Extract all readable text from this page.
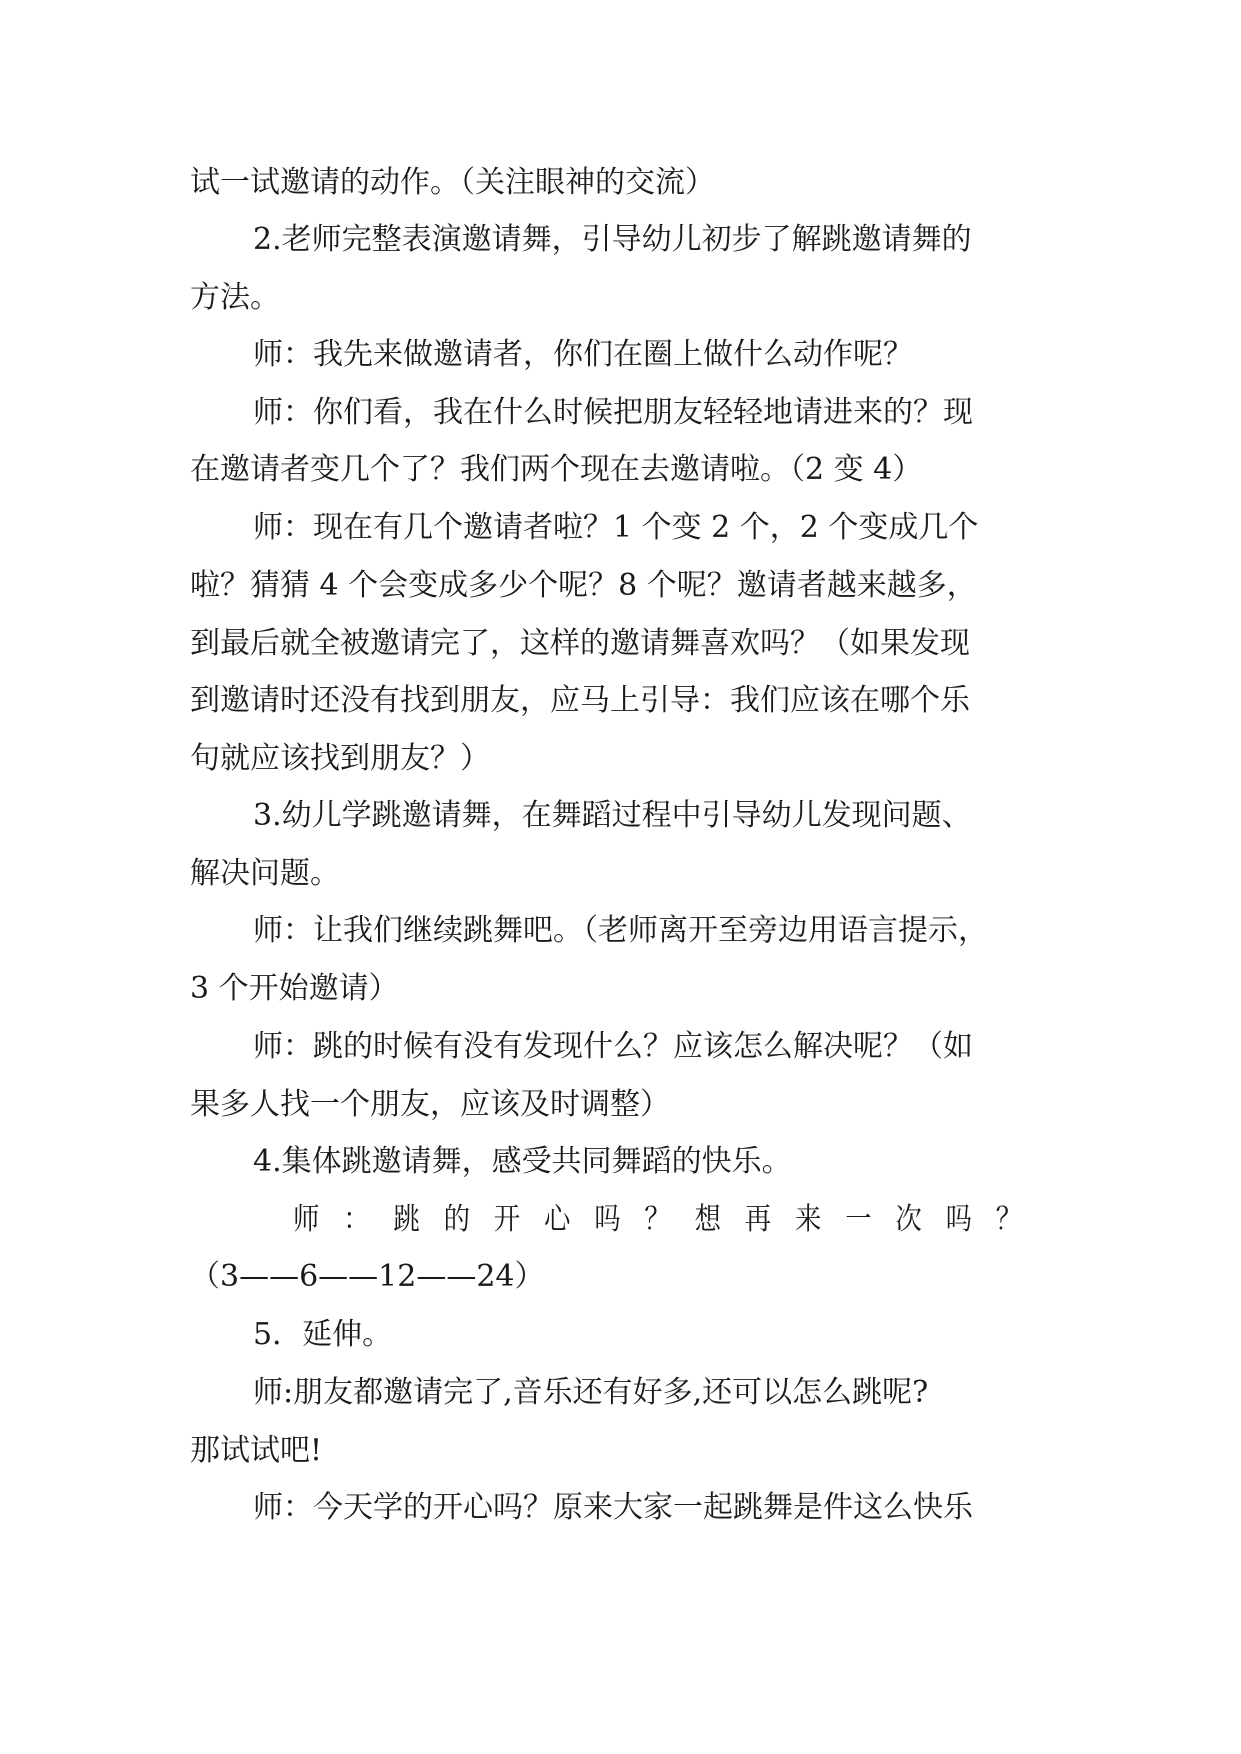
试一试邀请的动作。（关注眼神的交流）

2.老师完整表演邀请舞，引导幼儿初步了解跳邀请舞的

方法。

师：我先来做邀请者，你们在圈上做什么动作呢？

师：你们看，我在什么时候把朋友轻轻地请进来的？现

在邀请者变几个了？我们两个现在去邀请啦。（2 变 4）

师：现在有几个邀请者啦？1 个变 2 个，2 个变成几个

啦？猜猜 4 个会变成多少个呢？8 个呢？邀请者越来越多，

到最后就全被邀请完了，这样的邀请舞喜欢吗？（如果发现

到邀请时还没有找到朋友，应马上引导：我们应该在哪个乐

句就应该找到朋友？）

3.幼儿学跳邀请舞，在舞蹈过程中引导幼儿发现问题、

解决问题。

师：让我们继续跳舞吧。（老师离开至旁边用语言提示，

3 个开始邀请）

师：跳的时候有没有发现什么？应该怎么解决呢？（如

果多人找一个朋友，应该及时调整）

4.集体跳邀请舞，感受共同舞蹈的快乐。

师：跳的开心吗？想再来一次吗？

（3——6——12——24）

5．延伸。

师:朋友都邀请完了,音乐还有好多,还可以怎么跳呢?

那试试吧!

师：今天学的开心吗？原来大家一起跳舞是件这么快乐
